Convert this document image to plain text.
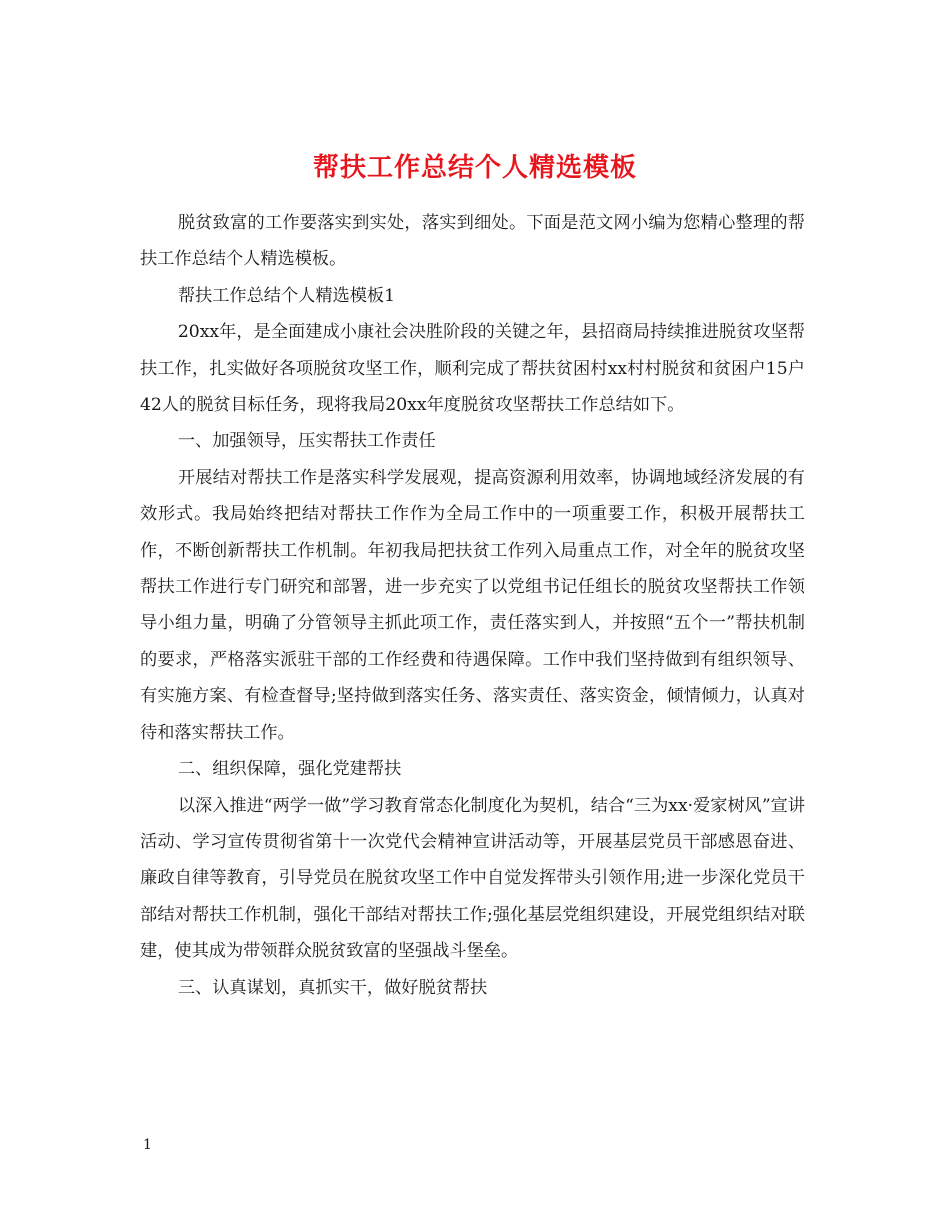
帮扶工作总结个人精选模板

脱贫致富的工作要落实到实处，落实到细处。下面是范文网小编为您精心整理的帮扶工作总结个人精选模板。

帮扶工作总结个人精选模板1

20xx年，是全面建成小康社会决胜阶段的关键之年，县招商局持续推进脱贫攻坚帮扶工作，扎实做好各项脱贫攻坚工作，顺利完成了帮扶贫困村xx村村脱贫和贫困户15户42人的脱贫目标任务，现将我局20xx年度脱贫攻坚帮扶工作总结如下。

一、加强领导，压实帮扶工作责任

开展结对帮扶工作是落实科学发展观，提高资源利用效率，协调地域经济发展的有效形式。我局始终把结对帮扶工作作为全局工作中的一项重要工作，积极开展帮扶工作，不断创新帮扶工作机制。年初我局把扶贫工作列入局重点工作，对全年的脱贫攻坚帮扶工作进行专门研究和部署，进一步充实了以党组书记任组长的脱贫攻坚帮扶工作领导小组力量，明确了分管领导主抓此项工作，责任落实到人，并按照“五个一”帮扶机制的要求，严格落实派驻干部的工作经费和待遇保障。工作中我们坚持做到有组织领导、有实施方案、有检查督导;坚持做到落实任务、落实责任、落实资金，倾情倾力，认真对待和落实帮扶工作。

二、组织保障，强化党建帮扶

以深入推进“两学一做”学习教育常态化制度化为契机，结合“三为xx·爱家树风”宣讲活动、学习宣传贯彻省第十一次党代会精神宣讲活动等，开展基层党员干部感恩奋进、廉政自律等教育，引导党员在脱贫攻坚工作中自觉发挥带头引领作用;进一步深化党员干部结对帮扶工作机制，强化干部结对帮扶工作;强化基层党组织建设，开展党组织结对联建，使其成为带领群众脱贫致富的坚强战斗堡垒。

三、认真谋划，真抓实干，做好脱贫帮扶

1
